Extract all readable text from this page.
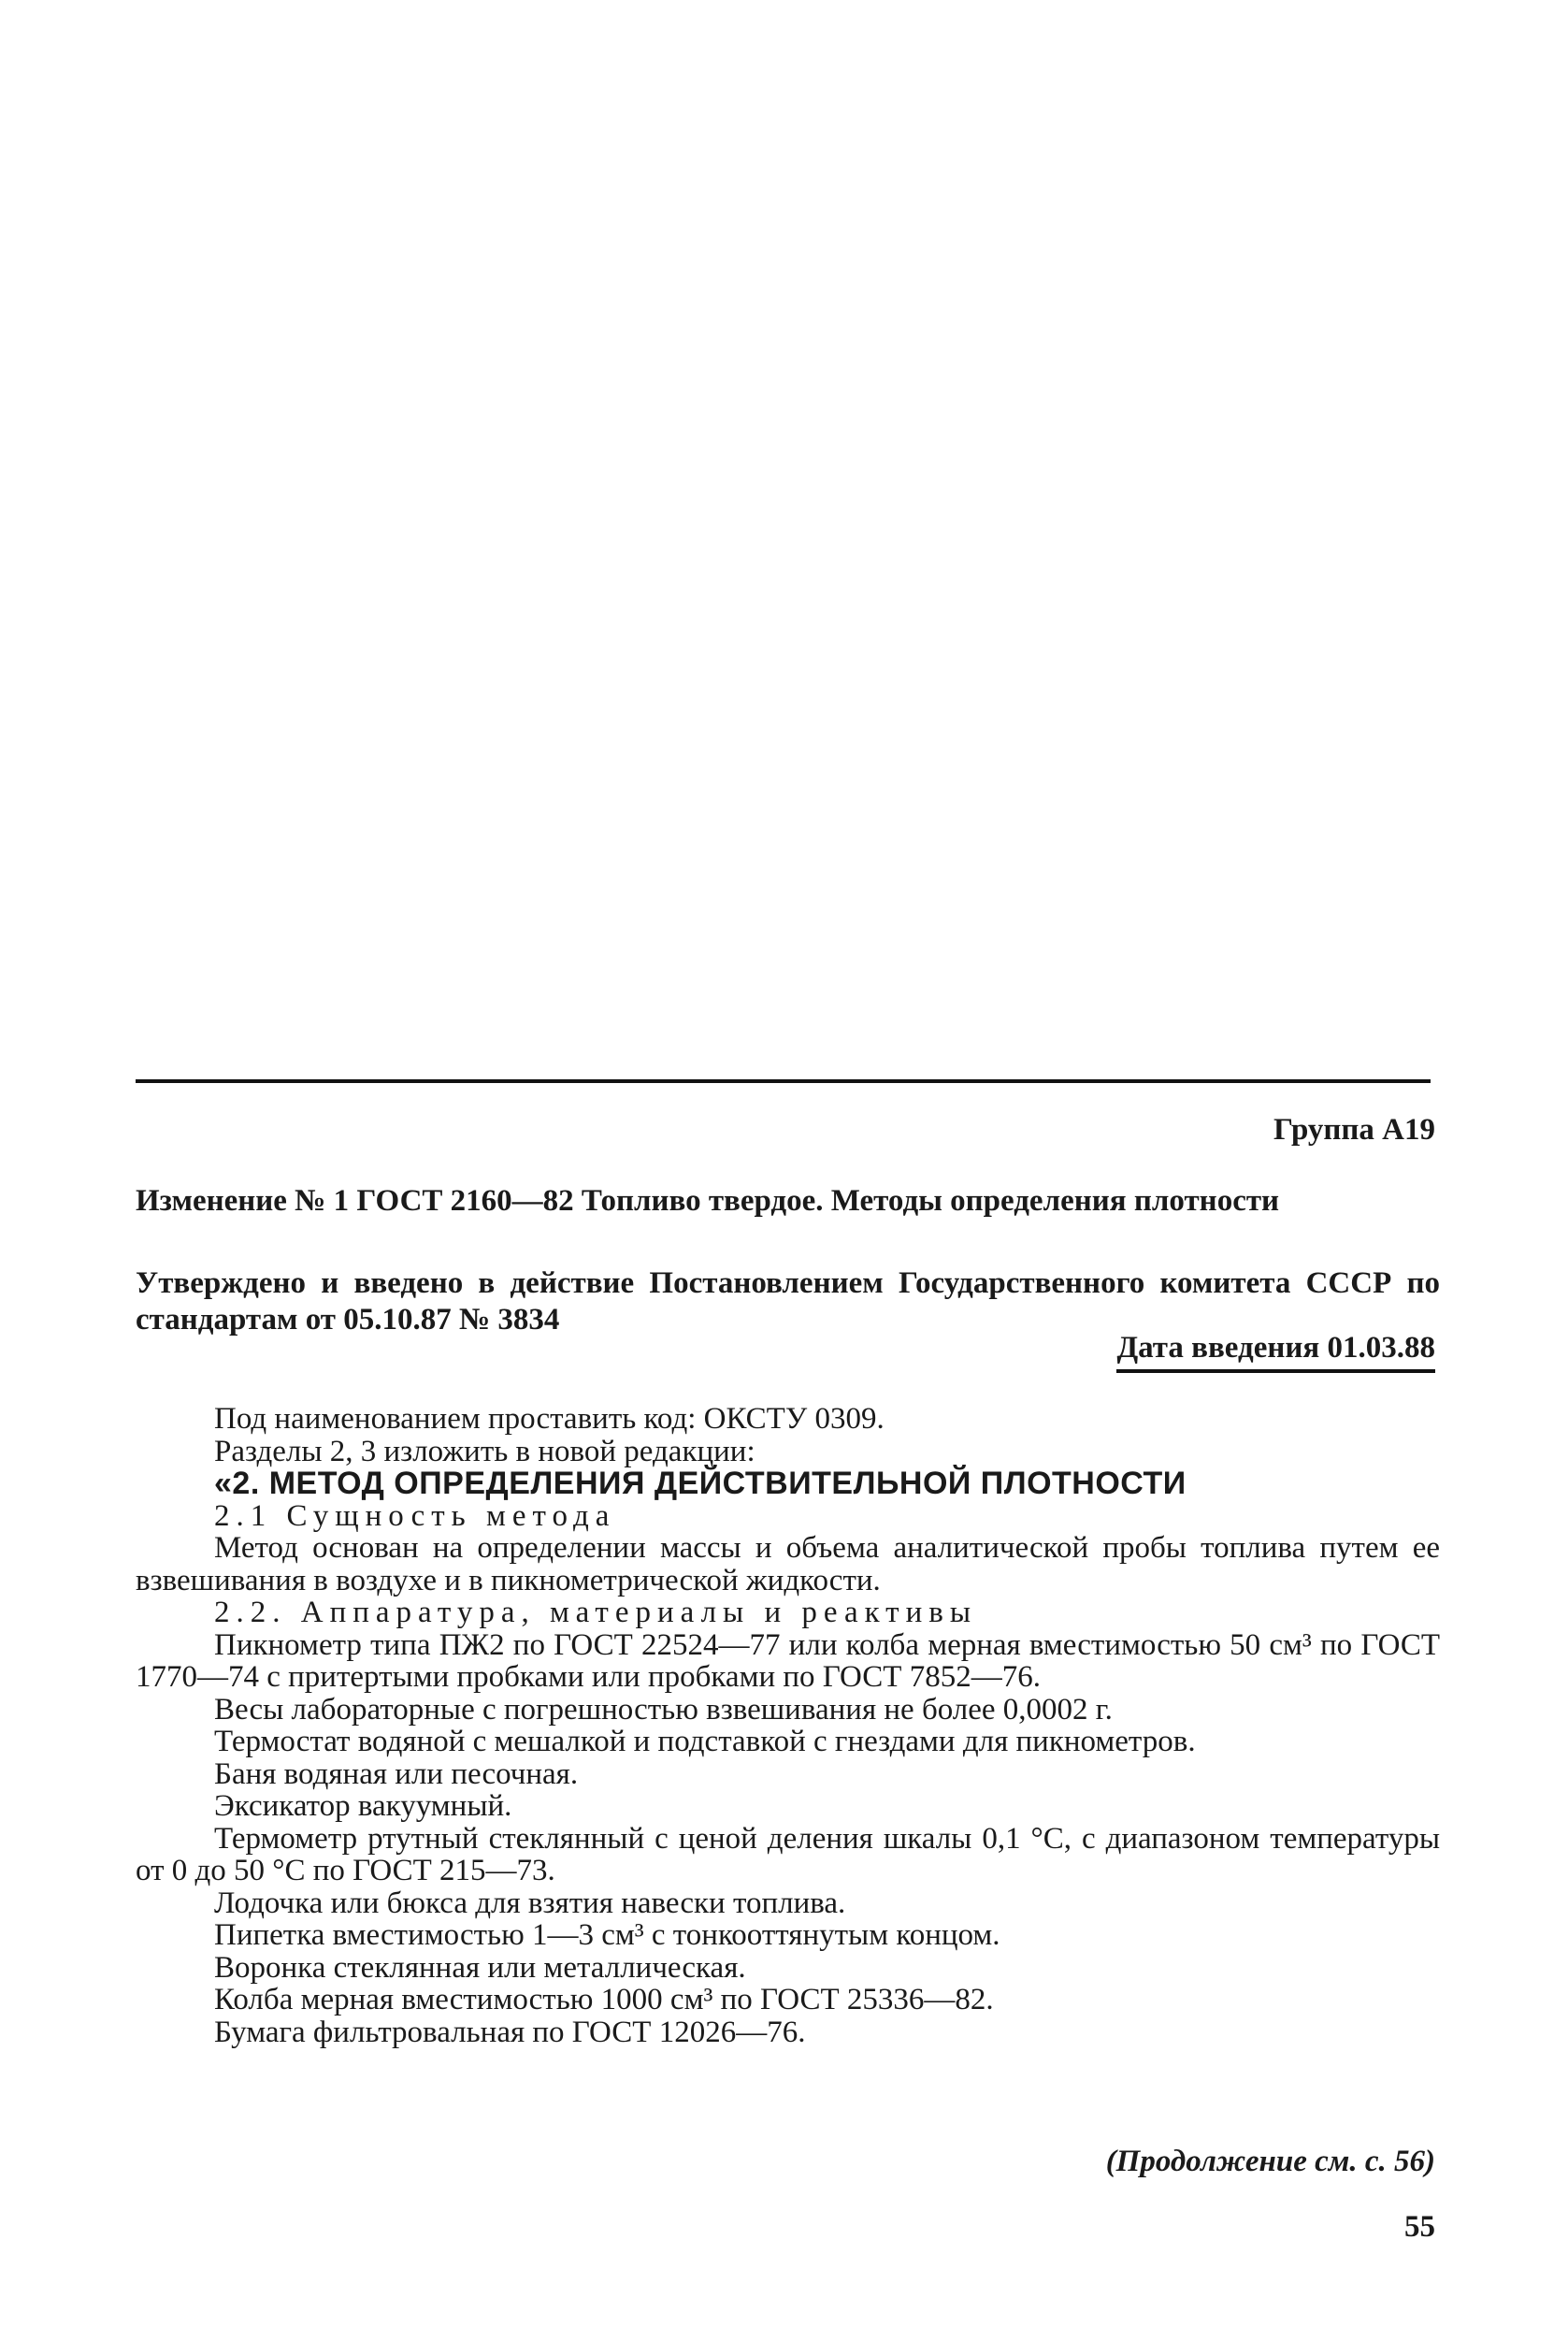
Группа А19
Изменение № 1 ГОСТ 2160—82 Топливо твердое. Методы определения плотности
Утверждено и введено в действие Постановлением Государственного комитета СССР по стандартам от 05.10.87 № 3834
Дата введения 01.03.88

Под наименованием проставить код: ОКСТУ 0309.

Разделы 2, 3 изложить в новой редакции:

«2. МЕТОД ОПРЕДЕЛЕНИЯ ДЕЙСТВИТЕЛЬНОЙ ПЛОТНОСТИ

2.1 Сущность метода

Метод основан на определении массы и объема аналитической пробы топлива путем ее взвешивания в воздухе и в пикнометрической жидкости.

2.2. Аппаратура, материалы и реактивы

Пикнометр типа ПЖ2 по ГОСТ 22524—77 или колба мерная вместимостью 50 см³ по ГОСТ 1770—74 с притертыми пробками или пробками по ГОСТ 7852—76.

Весы лабораторные с погрешностью взвешивания не более 0,0002 г.

Термостат водяной с мешалкой и подставкой с гнездами для пикнометров.

Баня водяная или песочная.

Эксикатор вакуумный.

Термометр ртутный стеклянный с ценой деления шкалы 0,1 °С, с диапазоном температуры от 0 до 50 °С по ГОСТ 215—73.

Лодочка или бюкса для взятия навески топлива.

Пипетка вместимостью 1—3 см³ с тонкооттянутым концом.

Воронка стеклянная или металлическая.

Колба мерная вместимостью 1000 см³ по ГОСТ 25336—82.

Бумага фильтровальная по ГОСТ 12026—76.

(Продолжение см. с. 56)
55
